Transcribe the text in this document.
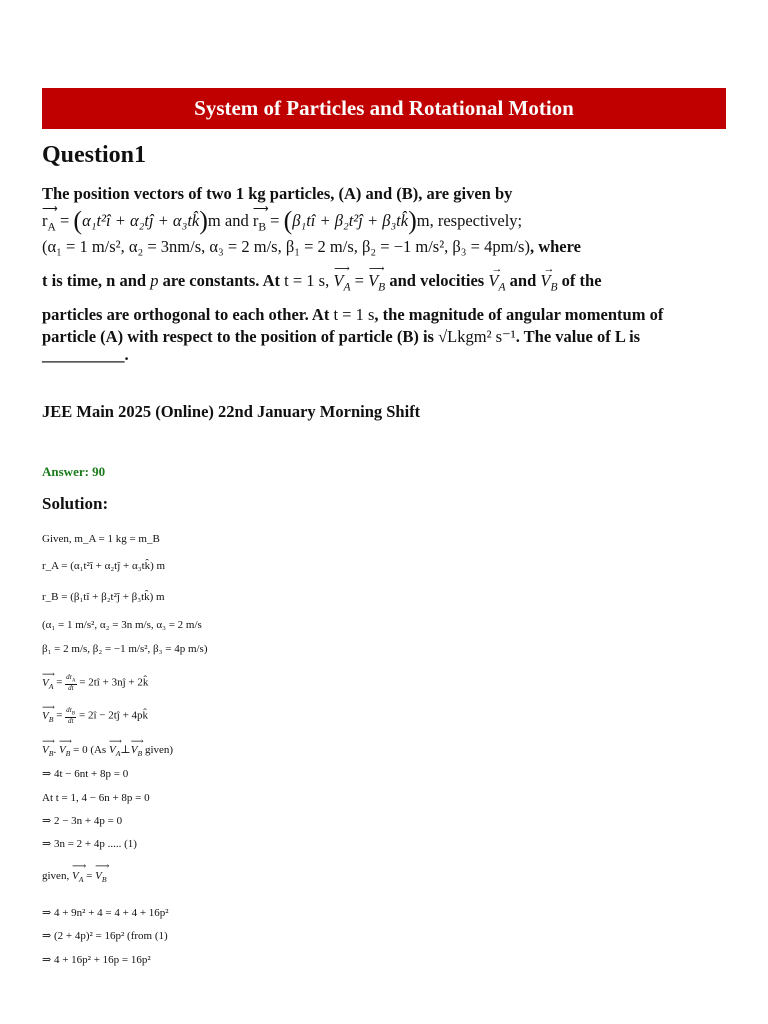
System of Particles and Rotational Motion
Question1
The position vectors of two 1 kg particles, (A) and (B), are given by
⟶
$r_A$ = (α₁t²î + α₂tĵ + α₃tk̂)m and
⟶
$r_B$ = (β₁tî + β₂t²ĵ + β₃tk̂)m, respectively;
(α₁ = 1 m/s², α₂ = 3nm/s, α₃ = 2 m/s, β₁ = 2 m/s, β₂ = −1 m/s², β₃ = 4pm/s), where
t is time, n and p are constants. At t = 1 s,
⟶
$V_A$ =
⟶
$V_B$ and velocities
→
$V_A$ and
→
$V_B$ of the
particles are orthogonal to each other. At t = 1 s, the magnitude of angular momentum of
particle (A) with respect to the position of particle (B) is √Lkgm² s⁻¹. The value of L is
__________.
JEE Main 2025 (Online) 22nd January Morning Shift
Answer: 90
Solution:
Given, m_A = 1 kg = m_B
r_A = (α₁t²î + α₂tĵ + α₃tk̂) m
r_B = (β₁tî + β₂t²ĵ + β₃tk̂) m
(α₁ = 1 m/s², α₂ = 3n m/s, α₃ = 2 m/s
β₁ = 2 m/s, β₂ = −1 m/s², β₃ = 4p m/s)
⟶
$V_A = \frac{dr_A}{dt}$ = 2tî + 3nĵ + 2k̂
⟶
$V_B = \frac{dr_B}{dt}$ = 2î − 2tĵ + 4pk̂
⟶
$V_B$.
⟶
$V_B = 0$ (As
⟶
$V_A\perp$
⟶
$V_B$ given)
⇒ 4t − 6nt + 8p = 0
At t = 1, 4 − 6n + 8p = 0
⇒ 2 − 3n + 4p = 0
⇒ 3n = 2 + 4p ..... (1)
given,
⟶
$V_A$ =
⟶
$V_B$
⇒ 4 + 9n² + 4 = 4 + 4 + 16p²
⇒ (2 + 4p)² = 16p² (from (1)
⇒ 4 + 16p² + 16p = 16p²
